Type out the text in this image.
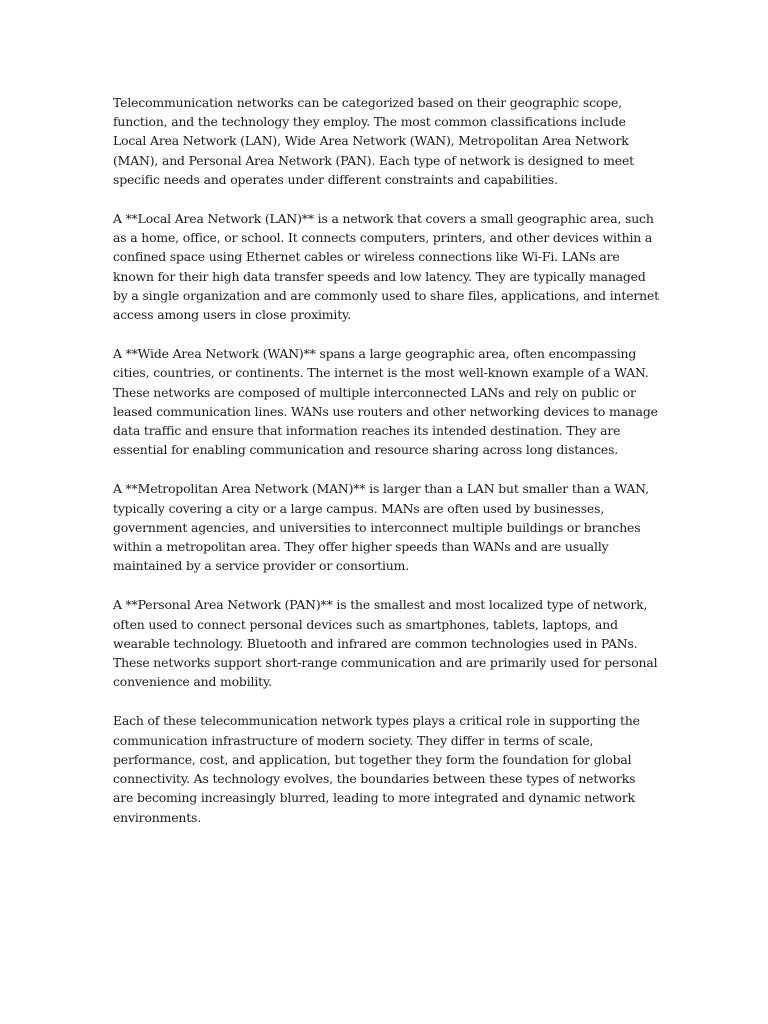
Telecommunication networks can be categorized based on their geographic scope, function, and the technology they employ. The most common classifications include Local Area Network (LAN), Wide Area Network (WAN), Metropolitan Area Network (MAN), and Personal Area Network (PAN). Each type of network is designed to meet specific needs and operates under different constraints and capabilities.

A **Local Area Network (LAN)** is a network that covers a small geographic area, such as a home, office, or school. It connects computers, printers, and other devices within a confined space using Ethernet cables or wireless connections like Wi-Fi. LANs are known for their high data transfer speeds and low latency. They are typically managed by a single organization and are commonly used to share files, applications, and internet access among users in close proximity.

A **Wide Area Network (WAN)** spans a large geographic area, often encompassing cities, countries, or continents. The internet is the most well-known example of a WAN. These networks are composed of multiple interconnected LANs and rely on public or leased communication lines. WANs use routers and other networking devices to manage data traffic and ensure that information reaches its intended destination. They are essential for enabling communication and resource sharing across long distances.

A **Metropolitan Area Network (MAN)** is larger than a LAN but smaller than a WAN, typically covering a city or a large campus. MANs are often used by businesses, government agencies, and universities to interconnect multiple buildings or branches within a metropolitan area. They offer higher speeds than WANs and are usually maintained by a service provider or consortium.

A **Personal Area Network (PAN)** is the smallest and most localized type of network, often used to connect personal devices such as smartphones, tablets, laptops, and wearable technology. Bluetooth and infrared are common technologies used in PANs. These networks support short-range communication and are primarily used for personal convenience and mobility.

Each of these telecommunication network types plays a critical role in supporting the communication infrastructure of modern society. They differ in terms of scale, performance, cost, and application, but together they form the foundation for global connectivity. As technology evolves, the boundaries between these types of networks are becoming increasingly blurred, leading to more integrated and dynamic network environments.
